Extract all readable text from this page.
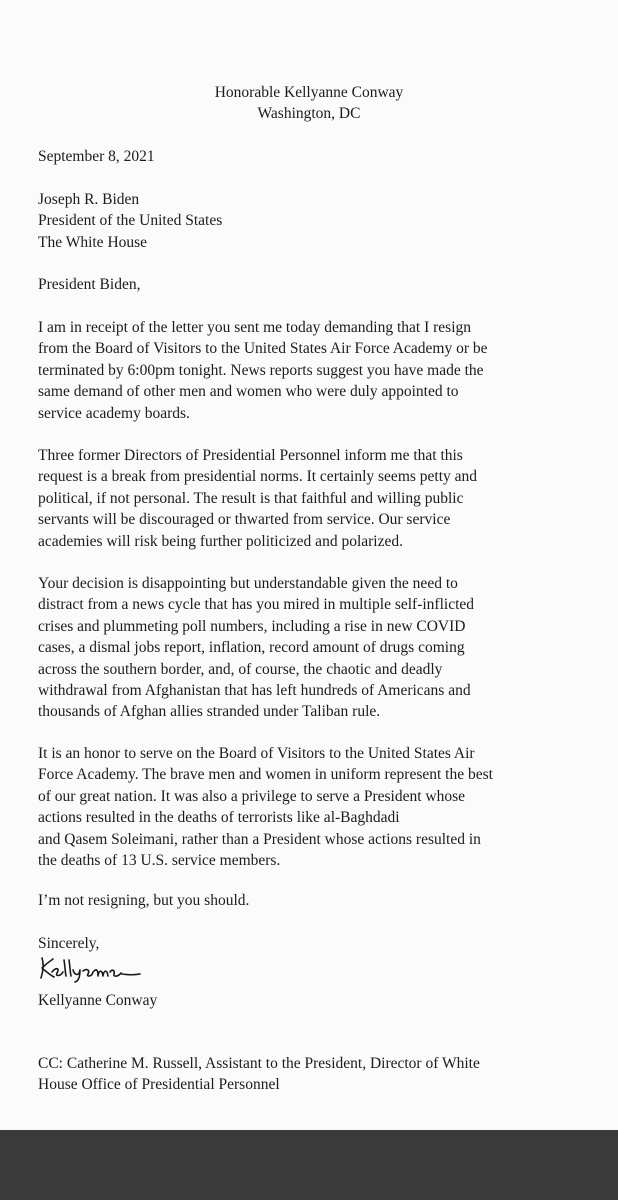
Honorable Kellyanne Conway
Washington, DC
September 8, 2021
Joseph R. Biden
President of the United States
The White House
President Biden,

I am in receipt of the letter you sent me today demanding that I resign
from the Board of Visitors to the United States Air Force Academy or be
terminated by 6:00pm tonight. News reports suggest you have made the
same demand of other men and women who were duly appointed to
service academy boards.

Three former Directors of Presidential Personnel inform me that this
request is a break from presidential norms. It certainly seems petty and
political, if not personal. The result is that faithful and willing public
servants will be discouraged or thwarted from service. Our service
academies will risk being further politicized and polarized.

Your decision is disappointing but understandable given the need to
distract from a news cycle that has you mired in multiple self-inflicted
crises and plummeting poll numbers, including a rise in new COVID
cases, a dismal jobs report, inflation, record amount of drugs coming
across the southern border, and, of course, the chaotic and deadly
withdrawal from Afghanistan that has left hundreds of Americans and
thousands of Afghan allies stranded under Taliban rule.

It is an honor to serve on the Board of Visitors to the United States Air
Force Academy. The brave men and women in uniform represent the best
of our great nation. It was also a privilege to serve a President whose
actions resulted in the deaths of terrorists like al-Baghdadi
and Qasem Soleimani, rather than a President whose actions resulted in
the deaths of 13 U.S. service members.

I’m not resigning, but you should.

Sincerely,
Kellyanne Conway

CC: Catherine M. Russell, Assistant to the President, Director of White
House Office of Presidential Personnel
